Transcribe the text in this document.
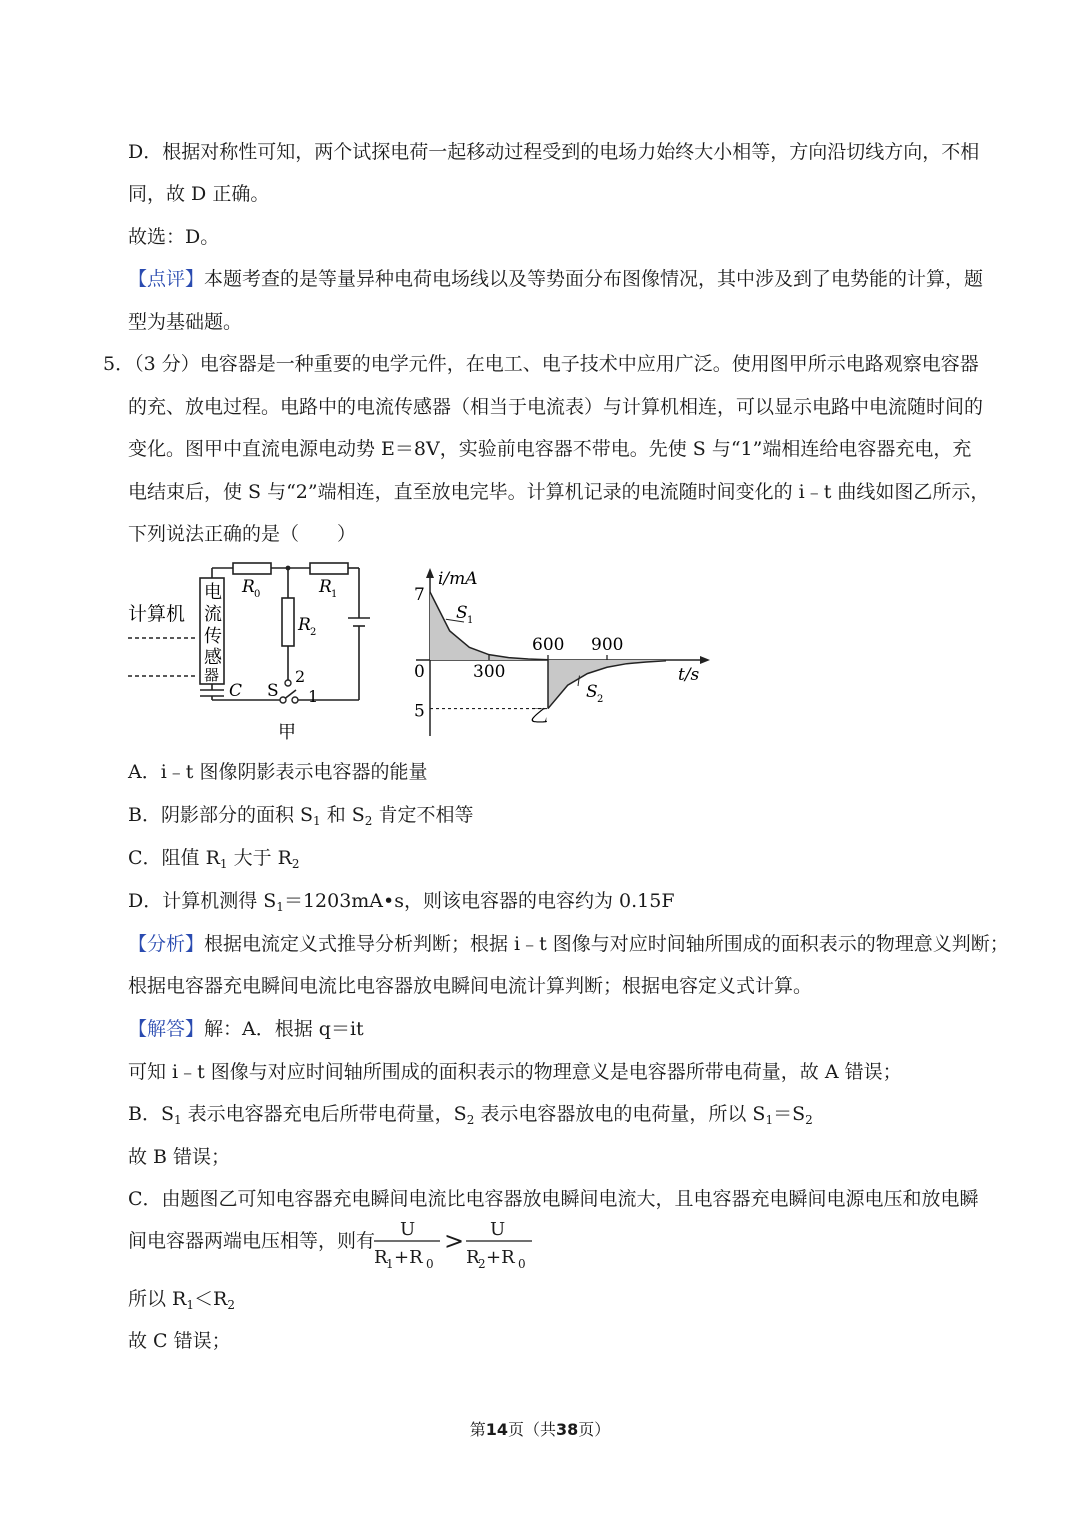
D．根据对称性可知，两个试探电荷一起移动过程受到的电场力始终大小相等，方向沿切线方向，不相
同，故 D 正确。
故选：D。
【点评】本题考查的是等量异种电荷电场线以及等势面分布图像情况，其中涉及到了电势能的计算，题
型为基础题。
5．（3 分）电容器是一种重要的电学元件，在电工、电子技术中应用广泛。使用图甲所示电路观察电容器
的充、放电过程。电路中的电流传感器（相当于电流表）与计算机相连，可以显示电路中电流随时间的
变化。图甲中直流电源电动势 E＝8V，实验前电容器不带电。先使 S 与“1”端相连给电容器充电，充
电结束后，使 S 与“2”端相连，直至放电完毕。计算机记录的电流随时间变化的 i﹣t 曲线如图乙所示，
下列说法正确的是（　　）
计算机
电
流
传
感
器
R 0	R 1
R 2
C S
2
1
甲
0	300
600 900
7
5
S 1
S 2
i/mA
t/s
乙
A．i﹣t 图像阴影表示电容器的能量
B．阴影部分的面积 $S_1$ 和 $S_2$ 肯定不相等
C．阻值 $R_1$ 大于 $R_2$
D．计算机测得 $S_1=1203mA•s$，则该电容器的电容约为 0.15F
【分析】根据电流定义式推导分析判断；根据 i﹣t 图像与对应时间轴所围成的面积表示的物理意义判断；
根据电容器充电瞬间电流比电容器放电瞬间电流计算判断；根据电容定义式计算。
【解答】解：A．根据 q＝it
可知 i﹣t 图像与对应时间轴所围成的面积表示的物理意义是电容器所带电荷量，故 A 错误；
B．$S_1$ 表示电容器充电后所带电荷量，$S_2$ 表示电容器放电的电荷量，所以 $S_1=S_2$
故 B 错误；
C．由题图乙可知电容器充电瞬间电流比电容器放电瞬间电流大，且电容器充电瞬间电源电压和放电瞬
间电容器两端电压相等，则有
所以 $R_1<R_2$
故 C 错误；
U
R
1 +R 0
> U
R
2 +R 0
第14页（共38页）
